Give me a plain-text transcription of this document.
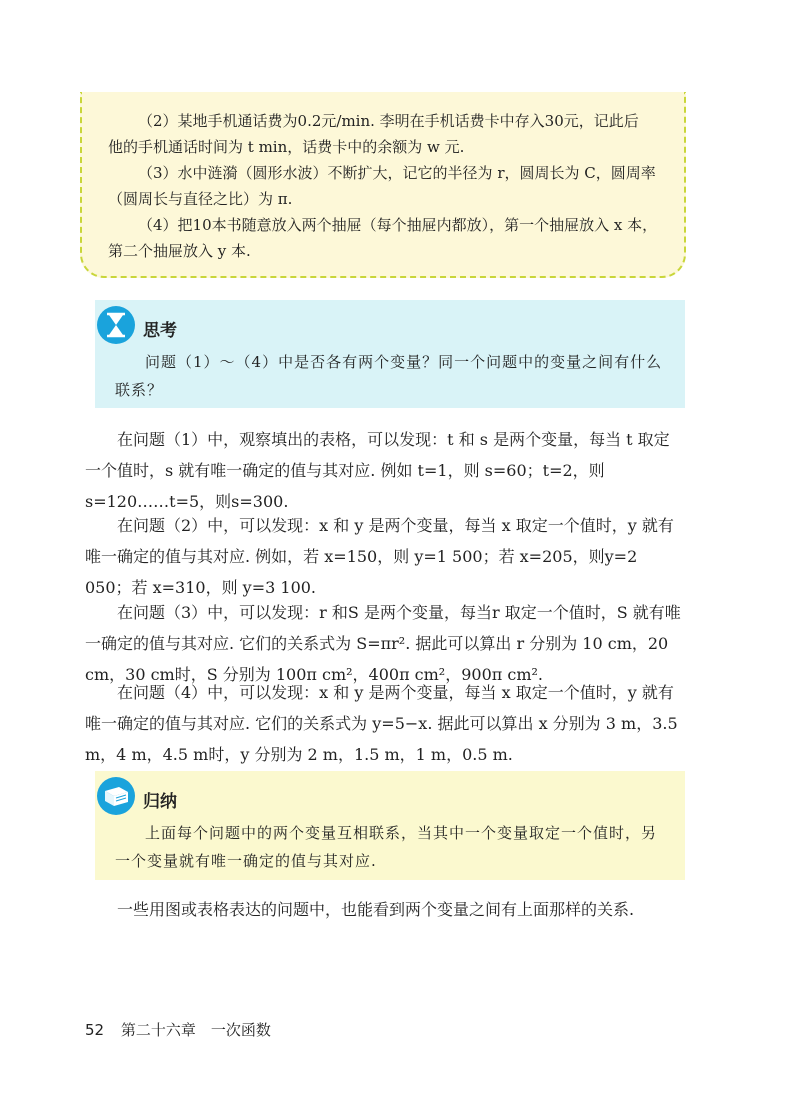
（2）某地手机通话费为0.2元/min. 李明在手机话费卡中存入30元，记此后

他的手机通话时间为 t min，话费卡中的余额为 w 元.

（3）水中涟漪（圆形水波）不断扩大，记它的半径为 r，圆周长为 C，圆周率

（圆周长与直径之比）为 π.

（4）把10本书随意放入两个抽屉（每个抽屉内都放），第一个抽屉放入 x 本，

第二个抽屉放入 y 本.

思考

问题（1）～（4）中是否各有两个变量？同一个问题中的变量之间有什么联系？

在问题（1）中，观察填出的表格，可以发现：t 和 s 是两个变量，每当 t 取定一个值时，s 就有唯一确定的值与其对应. 例如 t=1，则 s=60；t=2，则 s=120……t=5，则s=300.

在问题（2）中，可以发现：x 和 y 是两个变量，每当 x 取定一个值时，y 就有唯一确定的值与其对应. 例如，若 x=150，则 y=1 500；若 x=205，则y=2 050；若 x=310，则 y=3 100.

在问题（3）中，可以发现：r 和S 是两个变量，每当r 取定一个值时，S 就有唯一确定的值与其对应. 它们的关系式为 S=πr². 据此可以算出 r 分别为 10 cm，20 cm，30 cm时，S 分别为 100π cm²，400π cm²，900π cm².

在问题（4）中，可以发现：x 和 y 是两个变量，每当 x 取定一个值时，y 就有唯一确定的值与其对应. 它们的关系式为 y=5−x. 据此可以算出 x 分别为 3 m，3.5 m，4 m，4.5 m时，y 分别为 2 m，1.5 m，1 m，0.5 m.

归纳

上面每个问题中的两个变量互相联系，当其中一个变量取定一个值时，另一个变量就有唯一确定的值与其对应.

一些用图或表格表达的问题中，也能看到两个变量之间有上面那样的关系.

52 第二十六章　一次函数
